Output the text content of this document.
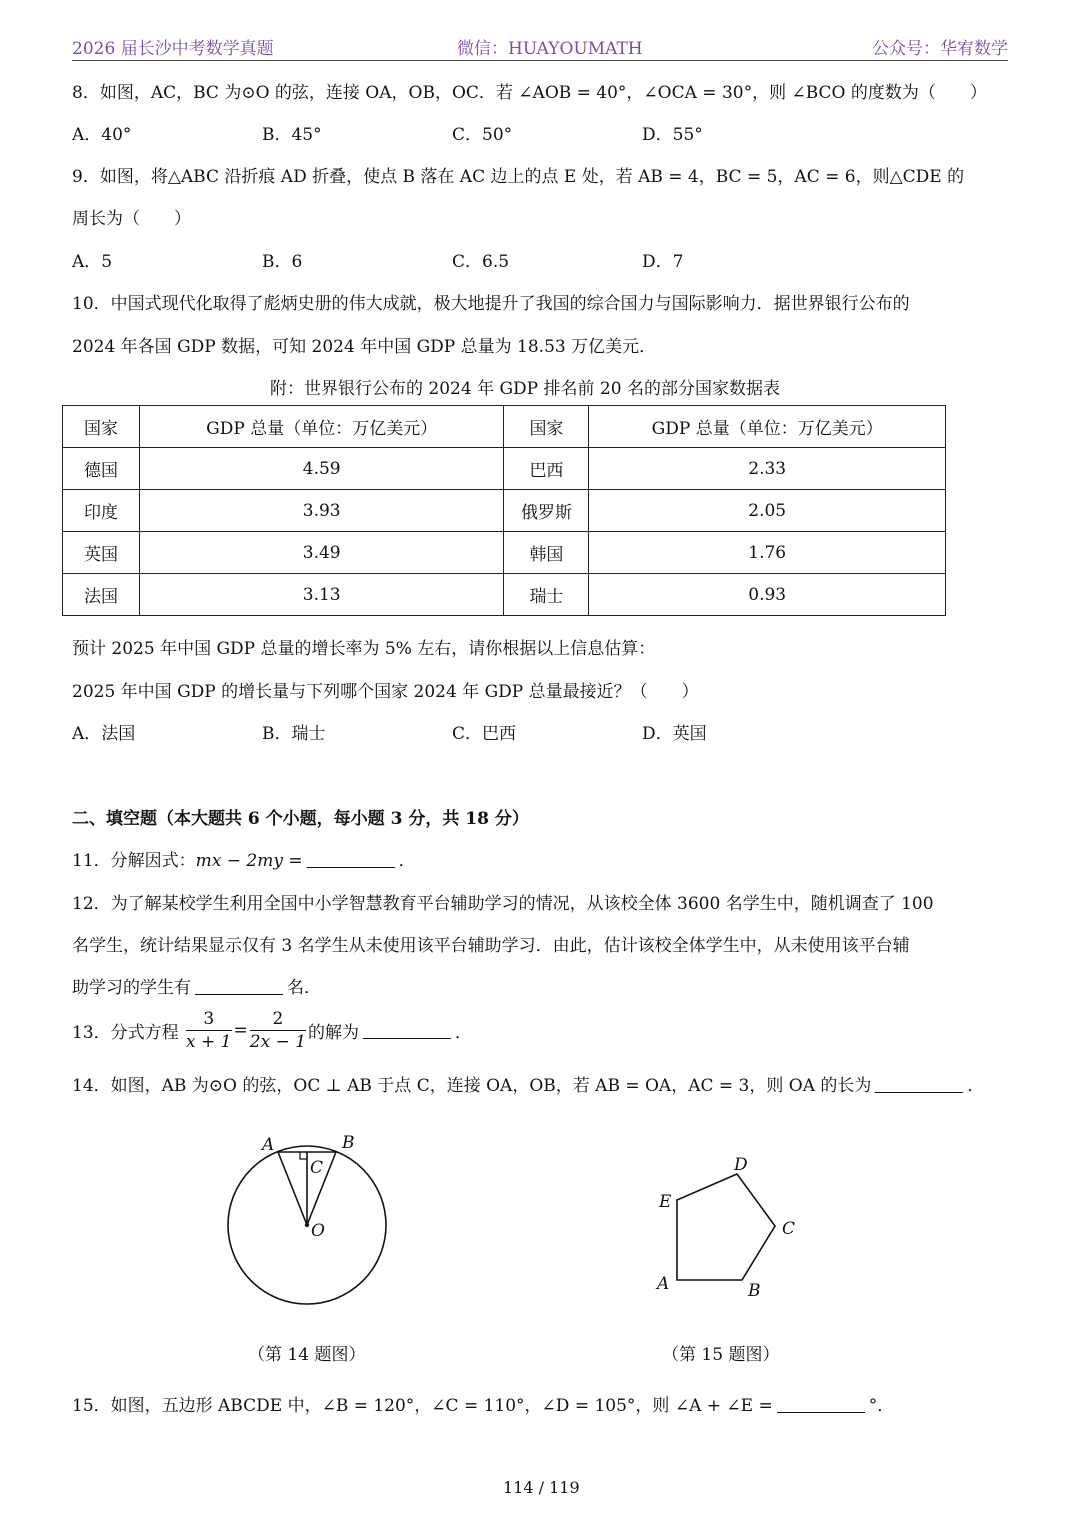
2026 届长沙中考数学真题	微信：HUAYOUMATH	公众号：华宥数学
8．如图，AC，BC 为⊙O 的弦，连接 OA，OB，OC．若 ∠AOB = 40°，∠OCA = 30°，则 ∠BCO 的度数为（　　）
A．40°	B．45°	C．50°	D．55°
9．如图，将△ABC 沿折痕 AD 折叠，使点 B 落在 AC 边上的点 E 处，若 AB = 4，BC = 5，AC = 6，则△CDE 的
周长为（　　）
A．5	B．6	C．6.5	D．7
10．中国式现代化取得了彪炳史册的伟大成就，极大地提升了我国的综合国力与国际影响力．据世界银行公布的
2024 年各国 GDP 数据，可知 2024 年中国 GDP 总量为 18.53 万亿美元．
附：世界银行公布的 2024 年 GDP 排名前 20 名的部分国家数据表
国家	GDP 总量（单位：万亿美元）	国家	GDP 总量（单位：万亿美元）
德国	4.59	巴西	2.33
印度	3.93	俄罗斯	2.05
英国	3.49	韩国	1.76
法国	3.13	瑞士	0.93
预计 2025 年中国 GDP 总量的增长率为 5% 左右，请你根据以上信息估算：
2025 年中国 GDP 的增长量与下列哪个国家 2024 年 GDP 总量最接近？（　　）
A．法国	B．瑞士	C．巴西	D．英国
二、填空题（本大题共 6 个小题，每小题 3 分，共 18 分）
11．分解因式：mx − 2my =	．
12．为了解某校学生利用全国中小学智慧教育平台辅助学习的情况，从该校全体 3600 名学生中，随机调查了 100
名学生，统计结果显示仅有 3 名学生从未使用该平台辅助学习．由此，估计该校全体学生中，从未使用该平台辅
助学习的学生有	名．
13．分式方程 $\frac{3}{x + 1} = \frac{2}{2x - 1}$ 的解为	．
14．如图，AB 为⊙O 的弦，OC ⊥ AB 于点 C，连接 OA，OB，若 AB = OA，AC = 3，则 OA 的长为	．
A	B
C
O
（第 14 题图）
A	B
C
D
E
（第 15 题图）
15．如图，五边形 ABCDE 中，∠B = 120°，∠C = 110°，∠D = 105°，则 ∠A + ∠E =	°．
114 / 119
